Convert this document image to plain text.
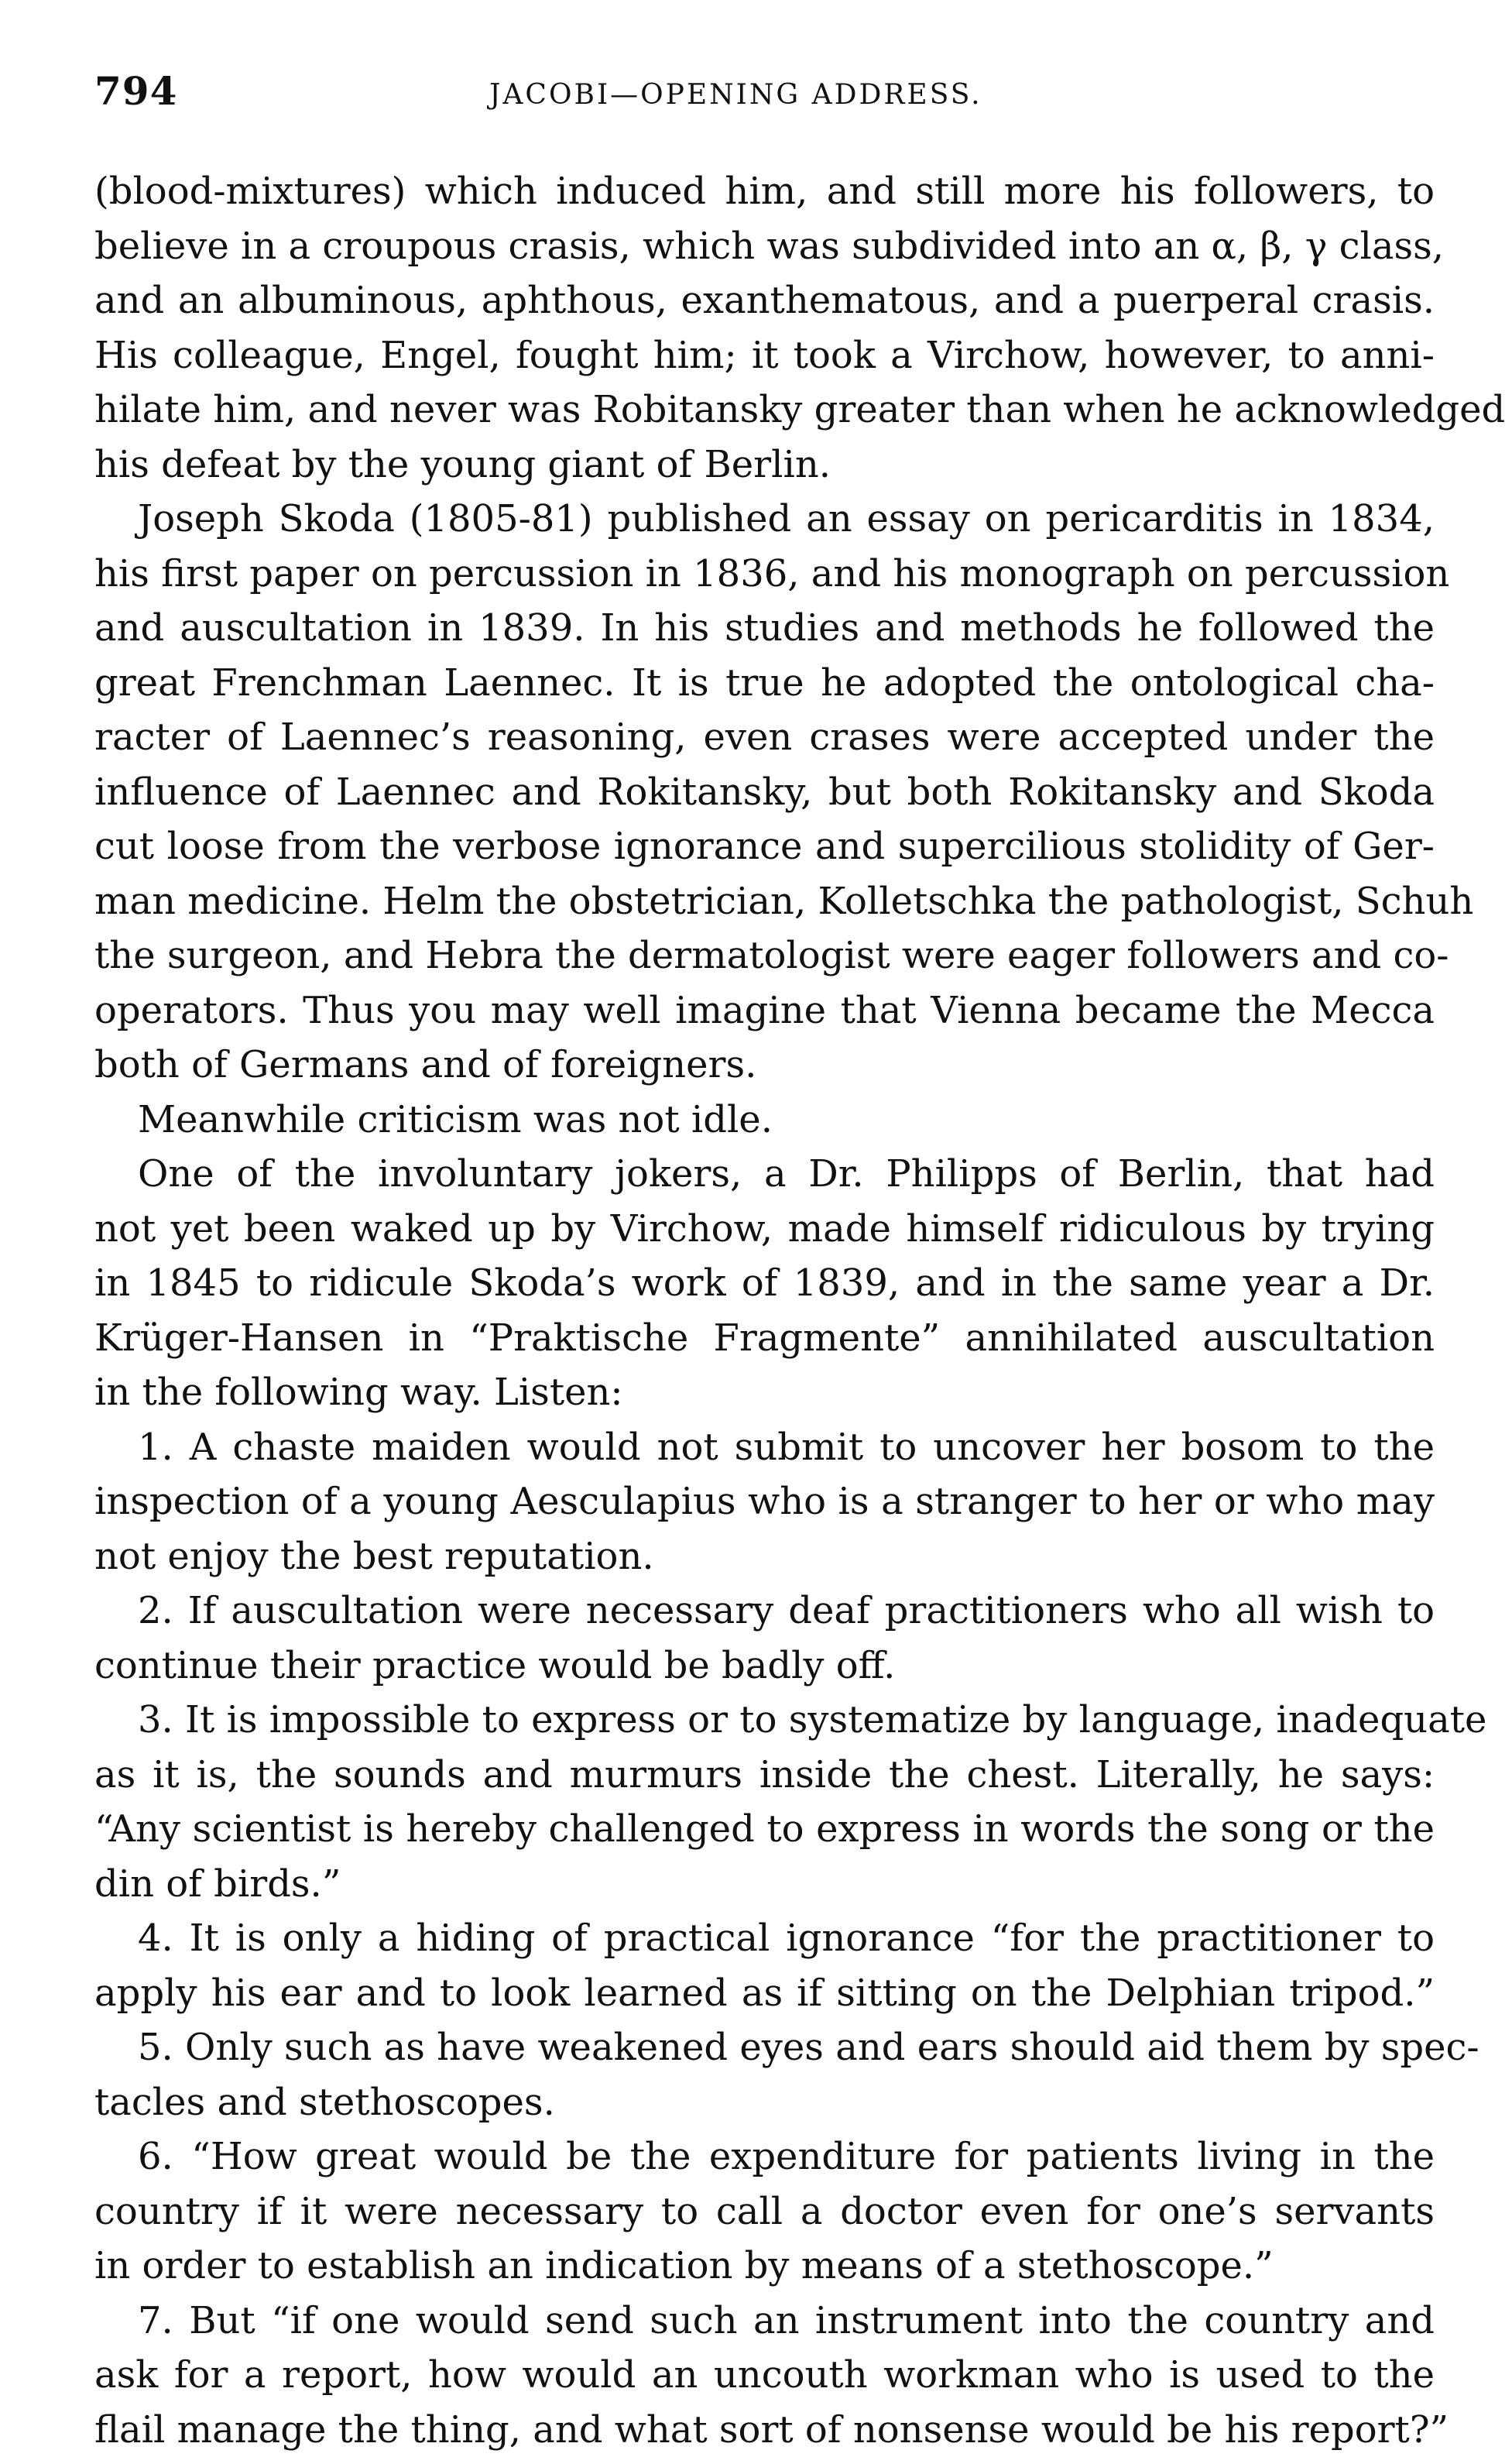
794	JACOBI—OPENING ADDRESS.
(blood-mixtures) which induced him, and still more his followers, to
believe in a croupous crasis, which was subdivided into an α, β, γ class,
and an albuminous, aphthous, exanthematous, and a puerperal crasis.
His colleague, Engel, fought him; it took a Virchow, however, to anni-
hilate him, and never was Robitansky greater than when he acknowledged
his defeat by the young giant of Berlin.
Joseph Skoda (1805-81) published an essay on pericarditis in 1834,
his first paper on percussion in 1836, and his monograph on percussion
and auscultation in 1839. In his studies and methods he followed the
great Frenchman Laennec. It is true he adopted the ontological cha-
racter of Laennec’s reasoning, even crases were accepted under the
influence of Laennec and Rokitansky, but both Rokitansky and Skoda
cut loose from the verbose ignorance and supercilious stolidity of Ger-
man medicine. Helm the obstetrician, Kolletschka the pathologist, Schuh
the surgeon, and Hebra the dermatologist were eager followers and co-
operators. Thus you may well imagine that Vienna became the Mecca
both of Germans and of foreigners.
Meanwhile criticism was not idle.
One of the involuntary jokers, a Dr. Philipps of Berlin, that had
not yet been waked up by Virchow, made himself ridiculous by trying
in 1845 to ridicule Skoda’s work of 1839, and in the same year a Dr.
Krüger-Hansen in “Praktische Fragmente” annihilated auscultation
in the following way. Listen:
1. A chaste maiden would not submit to uncover her bosom to the
inspection of a young Aesculapius who is a stranger to her or who may
not enjoy the best reputation.
2. If auscultation were necessary deaf practitioners who all wish to
continue their practice would be badly off.
3. It is impossible to express or to systematize by language, inadequate
as it is, the sounds and murmurs inside the chest. Literally, he says:
“Any scientist is hereby challenged to express in words the song or the
din of birds.”
4. It is only a hiding of practical ignorance “for the practitioner to
apply his ear and to look learned as if sitting on the Delphian tripod.”
5. Only such as have weakened eyes and ears should aid them by spec-
tacles and stethoscopes.
6. “How great would be the expenditure for patients living in the
country if it were necessary to call a doctor even for one’s servants
in order to establish an indication by means of a stethoscope.”
7. But “if one would send such an instrument into the country and
ask for a report, how would an uncouth workman who is used to the
flail manage the thing, and what sort of nonsense would be his report?”
